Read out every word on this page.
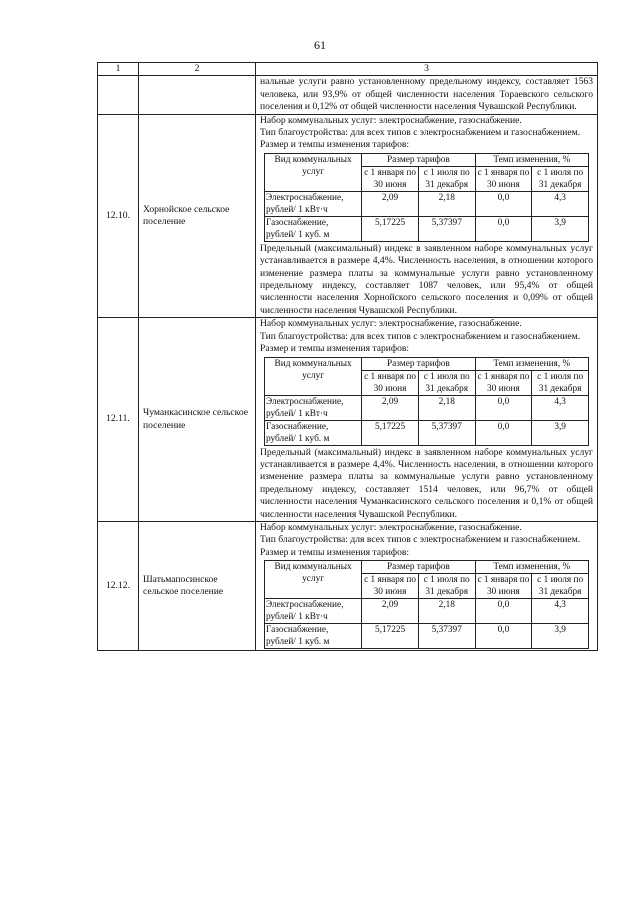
61
1	2	3
		нальные услуги равно установленному предельному индексу, составляет 1563 человека, или 93,9% от общей численности населения Тораевского сельского поселения и 0,12% от общей численности населения Чувашской Республики.
12.10.	Хорнойское сельское поселение	
Набор коммунальных услуг: электроснабжение, газоснабжение.
Тип благоустройства: для всех типов с электроснабжением и газоснабжением.
Размер и темпы изменения тарифов:
Вид коммунальных услуг	Размер тарифов	Темп изменения, %
с 1 января по 30 июня	с 1 июля по 31 декабря	с 1 января по 30 июня	с 1 июля по 31 декабря
Электроснабжение, рублей/ 1 кВт·ч	2,09	2,18	0,0	4,3
Газоснабжение, рублей/ 1 куб. м	5,17225	5,37397	0,0	3,9
Предельный (максимальный) индекс в заявленном наборе коммунальных услуг устанавливается в размере 4,4%. Численность населения, в отношении которого изменение размера платы за коммунальные услуги равно установленному предельному индексу, составляет 1087 человек, или 95,4% от общей численности населения Хорнойского сельского поселения и 0,09% от общей численности населения Чувашской Республики.

12.11.	Чуманкасинское сельское поселение	
Набор коммунальных услуг: электроснабжение, газоснабжение.
Тип благоустройства: для всех типов с электроснабжением и газоснабжением.
Размер и темпы изменения тарифов:
Вид коммунальных услуг	Размер тарифов	Темп изменения, %
с 1 января по 30 июня	с 1 июля по 31 декабря	с 1 января по 30 июня	с 1 июля по 31 декабря
Электроснабжение, рублей/ 1 кВт·ч	2,09	2,18	0,0	4,3
Газоснабжение, рублей/ 1 куб. м	5,17225	5,37397	0,0	3,9
Предельный (максимальный) индекс в заявленном наборе коммунальных услуг устанавливается в размере 4,4%. Численность населения, в отношении которого изменение размера платы за коммунальные услуги равно установленному предельному индексу, составляет 1514 человек, или 96,7% от общей численности населения Чуманкасинского сельского поселения и 0,1% от общей численности населения Чувашской Республики.

12.12.	Шатьмапосинское сельское поселение	
Набор коммунальных услуг: электроснабжение, газоснабжение.
Тип благоустройства: для всех типов с электроснабжением и газоснабжением.
Размер и темпы изменения тарифов:
Вид коммунальных услуг	Размер тарифов	Темп изменения, %
с 1 января по 30 июня	с 1 июля по 31 декабря	с 1 января по 30 июня	с 1 июля по 31 декабря
Электроснабжение, рублей/ 1 кВт·ч	2,09	2,18	0,0	4,3
Газоснабжение, рублей/ 1 куб. м	5,17225	5,37397	0,0	3,9
